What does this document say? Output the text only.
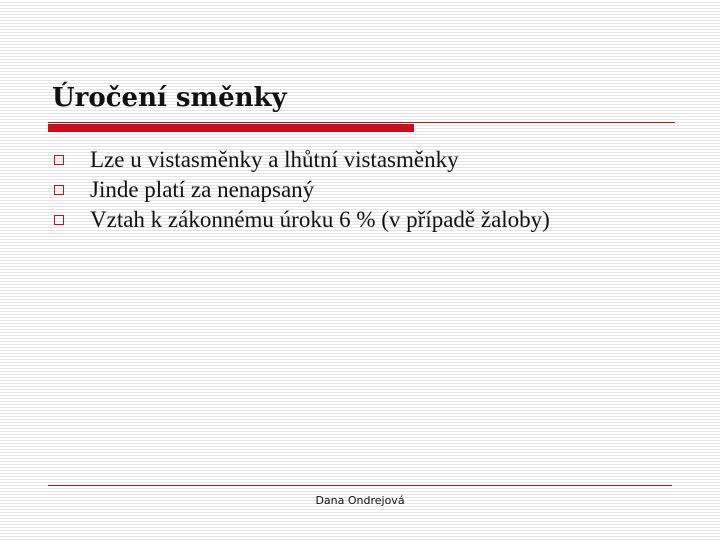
Úročení směnky
Lze u vistasměnky a lhůtní vistasměnky
Jinde platí za nenapsaný
Vztah k zákonnému úroku 6 % (v případě žaloby)
Dana Ondrejová
